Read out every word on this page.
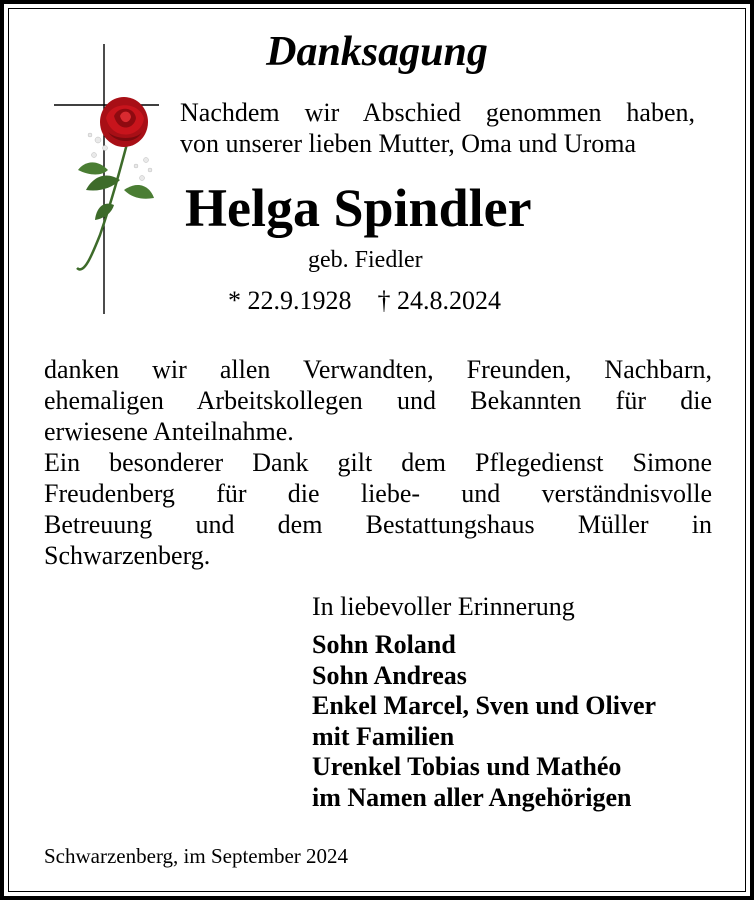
Danksagung
Nachdem wir Abschied genommen haben,
von unserer lieben Mutter, Oma und Uroma
Helga Spindler
geb. Fiedler
* 22.9.1928 † 24.8.2024
danken wir allen Verwandten, Freunden, Nachbarn,
ehemaligen Arbeitskollegen und Bekannten für die
erwiesene Anteilnahme.
Ein besonderer Dank gilt dem Pflegedienst Simone
Freudenberg für die liebe- und verständnisvolle
Betreuung und dem Bestattungshaus Müller in
Schwarzenberg.
In liebevoller Erinnerung
Sohn Roland
Sohn Andreas
Enkel Marcel, Sven und Oliver
mit Familien
Urenkel Tobias und Mathéo
im Namen aller Angehörigen
Schwarzenberg, im September 2024
